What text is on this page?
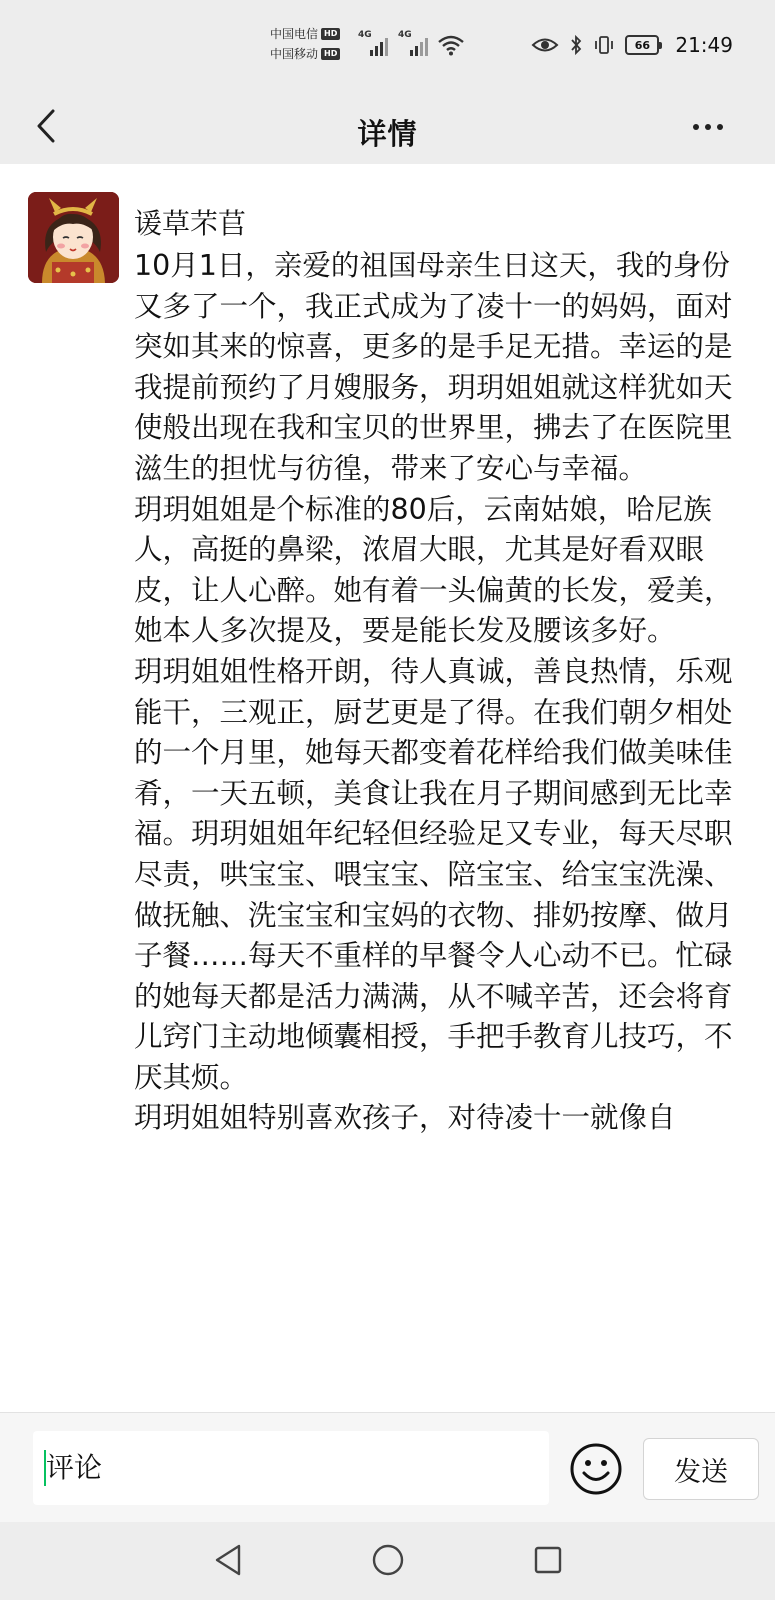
中国电信 HD
中国移动 HD
4G	4G
66 21:49
详情
谖草芣苢

10月1日，亲爱的祖国母亲生日这天，我的身份又多了一个，我正式成为了凌十一的妈妈，面对突如其来的惊喜，更多的是手足无措。幸运的是我提前预约了月嫂服务，玥玥姐姐就这样犹如天使般出现在我和宝贝的世界里，拂去了在医院里滋生的担忧与彷徨，带来了安心与幸福。

玥玥姐姐是个标准的80后，云南姑娘，哈尼族人，高挺的鼻梁，浓眉大眼，尤其是好看双眼皮，让人心醉。她有着一头偏黄的长发，爱美，她本人多次提及，要是能长发及腰该多好。

玥玥姐姐性格开朗，待人真诚，善良热情，乐观能干，三观正，厨艺更是了得。在我们朝夕相处的一个月里，她每天都变着花样给我们做美味佳肴，一天五顿，美食让我在月子期间感到无比幸福。玥玥姐姐年纪轻但经验足又专业，每天尽职尽责，哄宝宝、喂宝宝、陪宝宝、给宝宝洗澡、做抚触、洗宝宝和宝妈的衣物、排奶按摩、做月子餐……每天不重样的早餐令人心动不已。忙碌的她每天都是活力满满，从不喊辛苦，还会将育儿窍门主动地倾囊相授，手把手教育儿技巧，不厌其烦。

玥玥姐姐特别喜欢孩子，对待凌十一就像自

评论	发送
